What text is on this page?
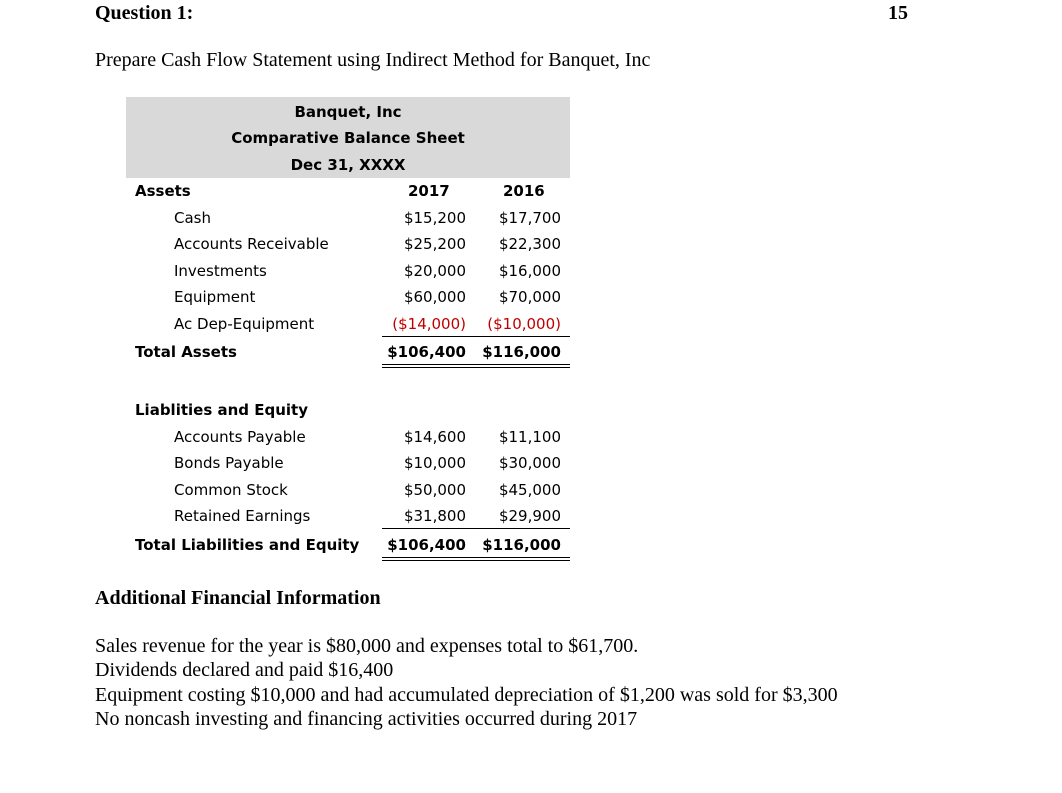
Question 1:	15
Prepare Cash Flow Statement using Indirect Method for Banquet, Inc
Banquet, Inc
Comparative Balance Sheet
Dec 31, XXXX
Assets	2017	2016
Cash	$15,200	$17,700
Accounts Receivable	$25,200	$22,300
Investments	$20,000	$16,000
Equipment	$60,000	$70,000
Ac Dep-Equipment	($14,000)	($10,000)
Total Assets	$106,400	$116,000
Liablities and Equity
Accounts Payable	$14,600	$11,100
Bonds Payable	$10,000	$30,000
Common Stock	$50,000	$45,000
Retained Earnings	$31,800	$29,900
Total Liabilities and Equity	$106,400	$116,000
Additional Financial Information
Sales revenue for the year is $80,000 and expenses total to $61,700.
Dividends declared and paid $16,400
Equipment costing $10,000 and had accumulated depreciation of $1,200 was sold for $3,300
No noncash investing and financing activities occurred during 2017
